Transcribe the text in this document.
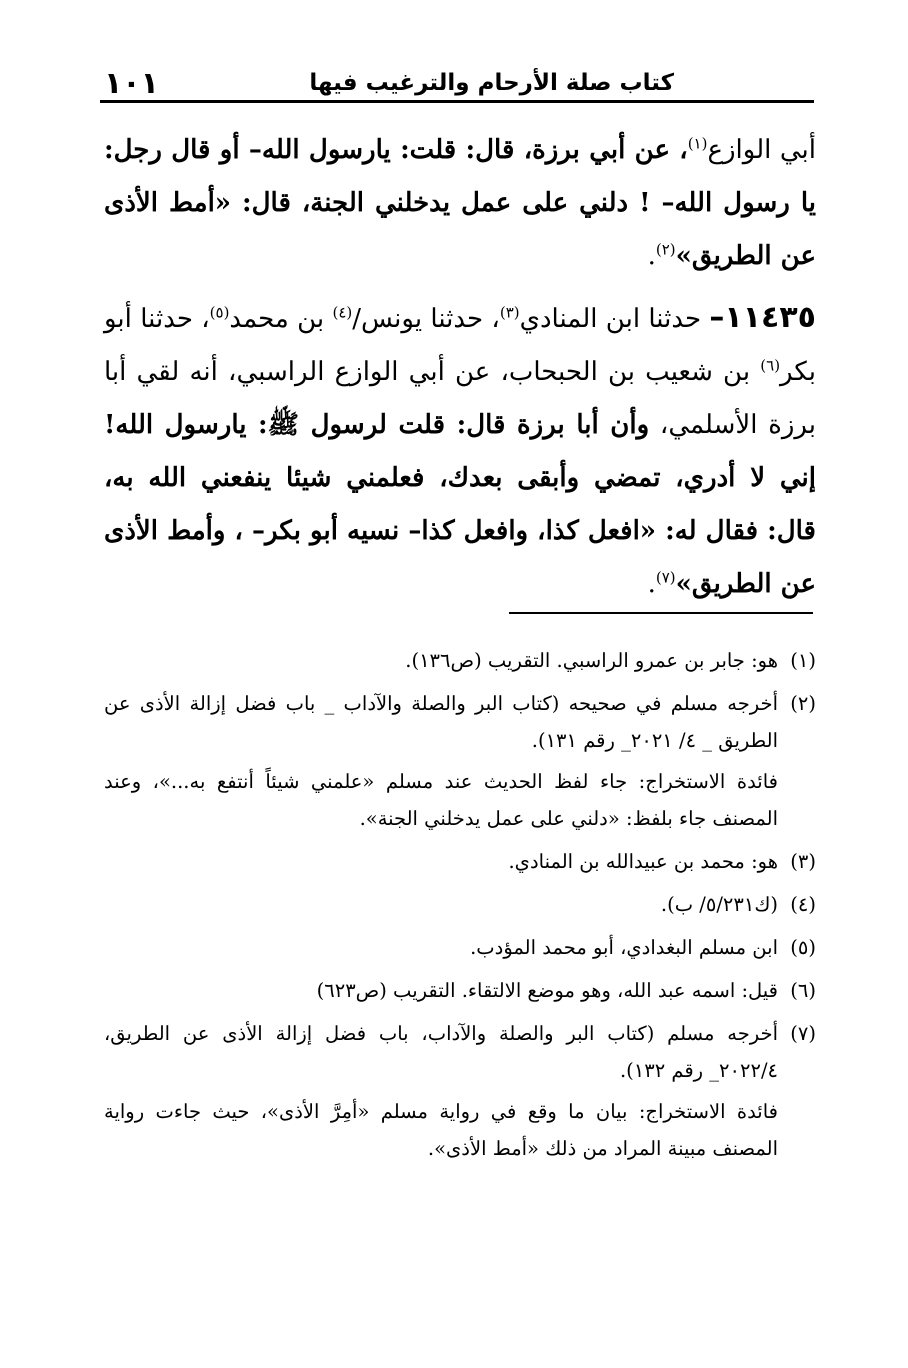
كتاب صلة الأرحام والترغيب فيها
١٠١

أبي الوازع$^{(١)}$، عن أبي برزة، قال: قلت: يارسول الله– أو قال رجل: يا رسول الله– ! دلني على عمل يدخلني الجنة، قال: «أمط الأذى عن الطريق»$^{(٢)}$.

١١٤٣٥– حدثنا ابن المنادي$^{(٣)}$، حدثنا يونس/$^{(٤)}$ بن محمد$^{(٥)}$، حدثنا أبو بكر$^{(٦)}$ بن شعيب بن الحبحاب، عن أبي الوازع الراسبي، أنه لقي أبا برزة الأسلمي، وأن أبا برزة قال: قلت لرسول ﷺ: يارسول الله! إني لا أدري، تمضي وأبقى بعدك، فعلمني شيئا ينفعني الله به، قال: فقال له: «افعل كذا، وافعل كذا– نسيه أبو بكر– ، وأمط الأذى عن الطريق»$^{(٧)}$.

(١)
هو: جابر بن عمرو الراسبي. التقريب (ص١٣٦).
(٢)
أخرجه مسلم في صحيحه (كتاب البر والصلة والآداب _ باب فضل إزالة الأذى عن الطريق _ ٤/ ٢٠٢١_ رقم ١٣١).
فائدة الاستخراج: جاء لفظ الحديث عند مسلم «علمني شيئاً أنتفع به...»، وعند المصنف جاء بلفظ: «دلني على عمل يدخلني الجنة».
(٣)
هو: محمد بن عبيدالله بن المنادي.
(٤)
(ك٥/٢٣١/ ب).
(٥)
ابن مسلم البغدادي، أبو محمد المؤدب.
(٦)
قيل: اسمه عبد الله، وهو موضع الالتقاء. التقريب (ص٦٢٣)
(٧)
أخرجه مسلم (كتاب البر والصلة والآداب، باب فضل إزالة الأذى عن الطريق، ٢٠٢٢/٤_ رقم ١٣٢).
فائدة الاستخراج: بيان ما وقع في رواية مسلم «أمِرَّ الأذى»، حيث جاءت رواية المصنف مبينة المراد من ذلك «أمط الأذى».
